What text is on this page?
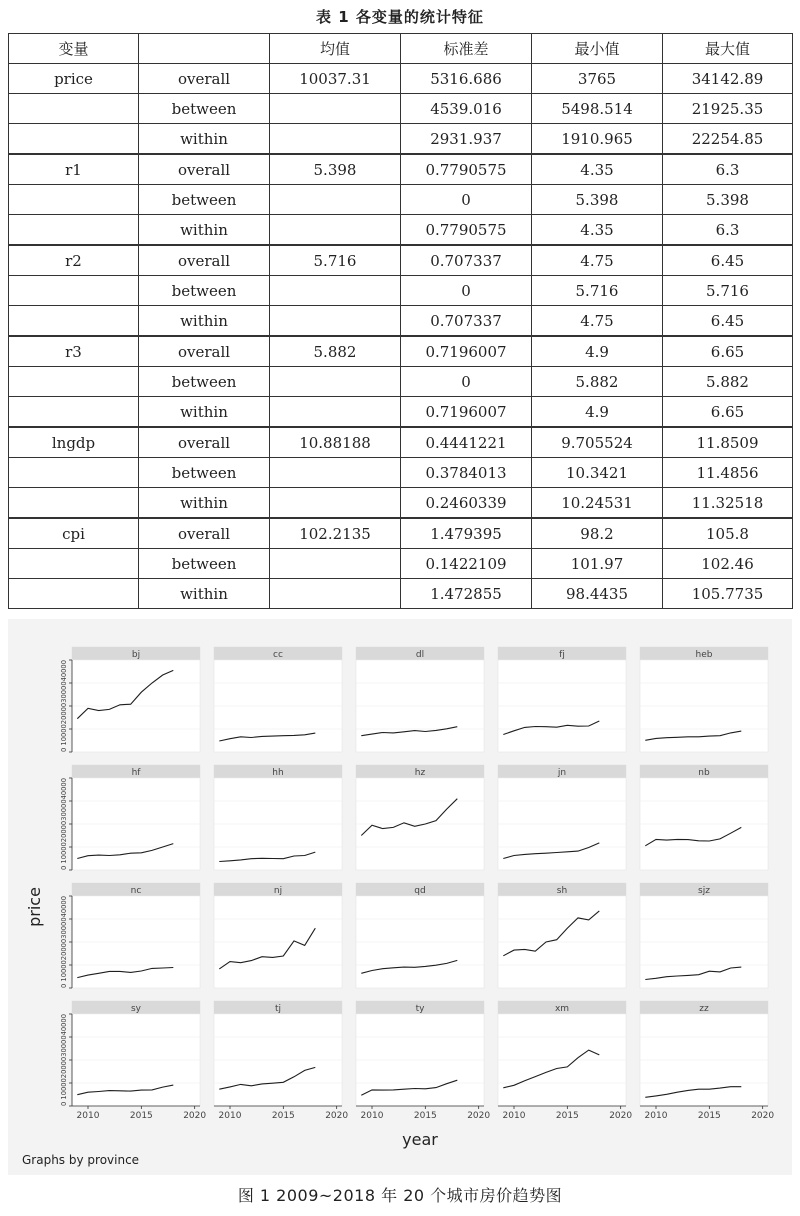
表 1 各变量的统计特征
变量		均值	标准差	最小值	最大值
price	overall	10037.31	5316.686	3765	34142.89
	between		4539.016	5498.514	21925.35
	within		2931.937	1910.965	22254.85
r1	overall	5.398	0.7790575	4.35	6.3
	between		0	5.398	5.398
	within		0.7790575	4.35	6.3
r2	overall	5.716	0.707337	4.75	6.45
	between		0	5.716	5.716
	within		0.707337	4.75	6.45
r3	overall	5.882	0.7196007	4.9	6.65
	between		0	5.882	5.882
	within		0.7196007	4.9	6.65
lngdp	overall	10.88188	0.4441221	9.705524	11.8509
	between		0.3784013	10.3421	11.4856
	within		0.2460339	10.24531	11.32518
cpi	overall	102.2135	1.479395	98.2	105.8
	between		0.1422109	101.97	102.46
	within		1.472855	98.4435	105.7735
bj
0 10000200003000040000	cc	dl	fj	heb
hf
0 10000200003000040000	hh	hz	jn	nb
nc
0 10000200003000040000	nj	qd	sh	sjz
sy
0 10000200003000040000
2010	2015	2020
tj
2010	2015	2020
ty
2010	2015	2020
xm
2010	2015	2020
zz
2010	2015	2020
price
year
Graphs by province
图 1 2009~2018 年 20 个城市房价趋势图
